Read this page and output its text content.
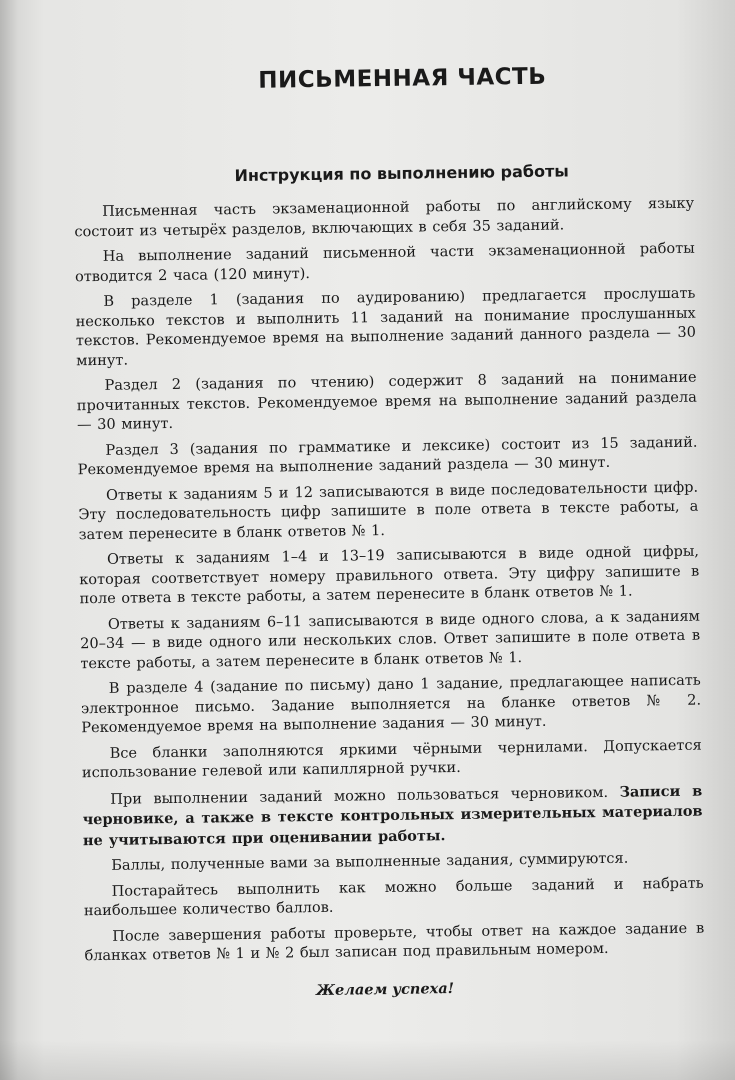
ПИСЬМЕННАЯ ЧАСТЬ
Инструкция по выполнению работы

Письменная часть экзаменационной работы по английскому языку состоит из четырёх разделов, включающих в себя 35 заданий.

На выполнение заданий письменной части экзаменационной работы отводится 2 часа (120 минут).

В разделе 1 (задания по аудированию) предлагается прослушать несколько текстов и выполнить 11 заданий на понимание прослушанных текстов. Рекомендуемое время на выполнение заданий данного раздела — 30 минут.

Раздел 2 (задания по чтению) содержит 8 заданий на понимание прочитанных текстов. Рекомендуемое время на выполнение заданий раздела — 30 минут.

Раздел 3 (задания по грамматике и лексике) состоит из 15 заданий. Рекомендуемое время на выполнение заданий раздела — 30 минут.

Ответы к заданиям 5 и 12 записываются в виде последовательности цифр. Эту последовательность цифр запишите в поле ответа в тексте работы, а затем перенесите в бланк ответов № 1.

Ответы к заданиям 1–4 и 13–19 записываются в виде одной цифры, которая соответствует номеру правильного ответа. Эту цифру запишите в поле ответа в тексте работы, а затем перенесите в бланк ответов № 1.

Ответы к заданиям 6–11 записываются в виде одного слова, а к заданиям 20–34 — в виде одного или нескольких слов. Ответ запишите в поле ответа в тексте работы, а затем перенесите в бланк ответов № 1.

В разделе 4 (задание по письму) дано 1 задание, предлагающее написать электронное письмо. Задание выполняется на бланке ответов № 2. Рекомендуемое время на выполнение задания — 30 минут.

Все бланки заполняются яркими чёрными чернилами. Допускается использование гелевой или капиллярной ручки.

При выполнении заданий можно пользоваться черновиком. Записи в черновике, а также в тексте контрольных измерительных материалов не учитываются при оценивании работы.

Баллы, полученные вами за выполненные задания, суммируются.

Постарайтесь выполнить как можно больше заданий и набрать наибольшее количество баллов.

После завершения работы проверьте, чтобы ответ на каждое задание в бланках ответов № 1 и № 2 был записан под правильным номером.

Желаем успеха!
